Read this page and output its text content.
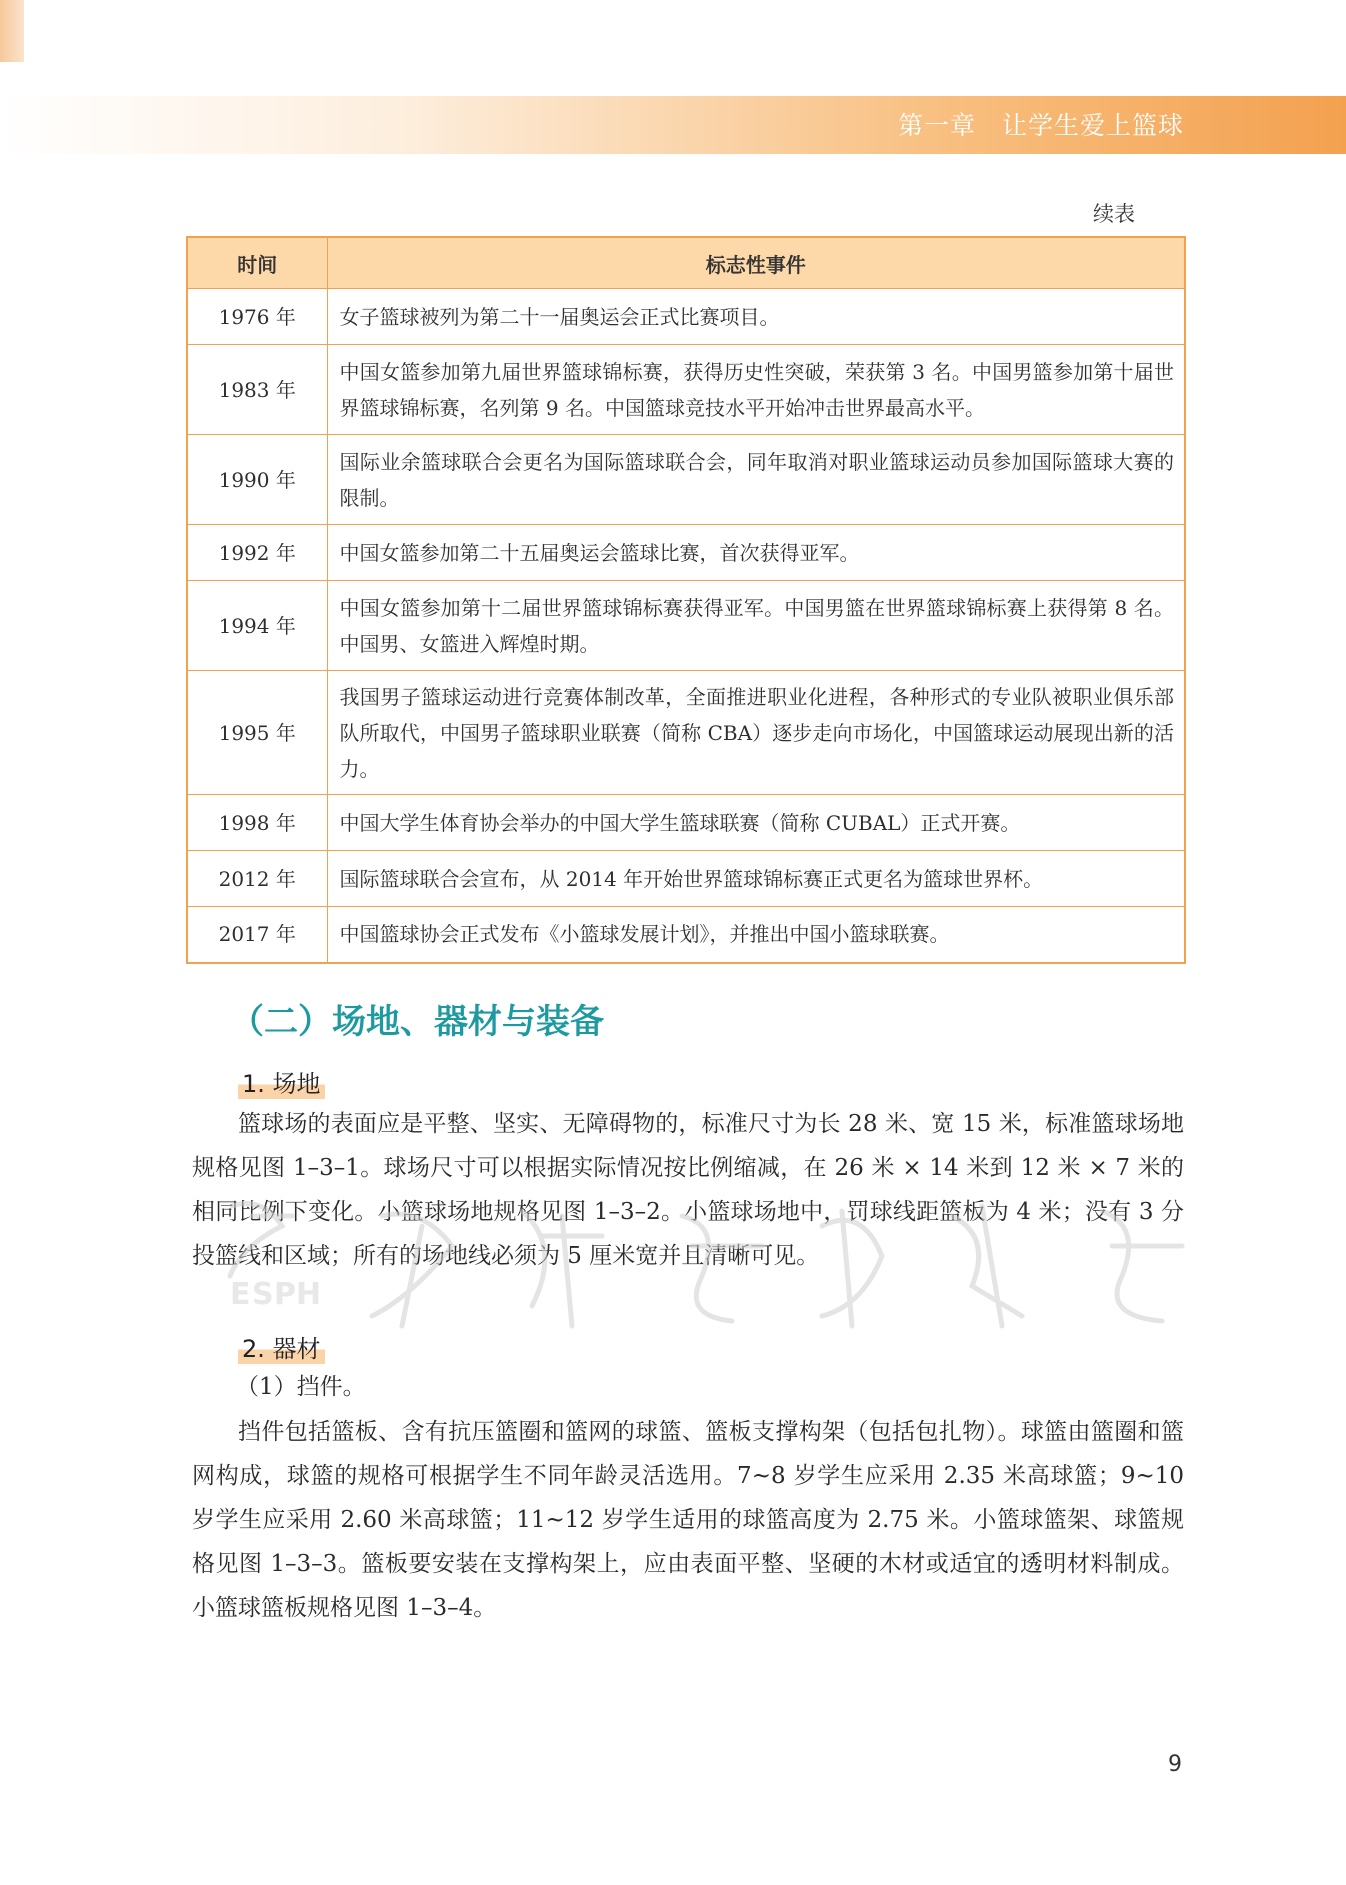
第一章　让学生爱上篮球
续表
时间	标志性事件
1976 年	女子篮球被列为第二十一届奥运会正式比赛项目。
1983 年	中国女篮参加第九届世界篮球锦标赛，获得历史性突破，荣获第 3 名。中国男篮参加第十届世界篮球锦标赛，名列第 9 名。中国篮球竞技水平开始冲击世界最高水平。
1990 年	国际业余篮球联合会更名为国际篮球联合会，同年取消对职业篮球运动员参加国际篮球大赛的限制。
1992 年	中国女篮参加第二十五届奥运会篮球比赛，首次获得亚军。
1994 年	中国女篮参加第十二届世界篮球锦标赛获得亚军。中国男篮在世界篮球锦标赛上获得第 8 名。中国男、女篮进入辉煌时期。
1995 年	我国男子篮球运动进行竞赛体制改革，全面推进职业化进程，各种形式的专业队被职业俱乐部队所取代，中国男子篮球职业联赛（简称 CBA）逐步走向市场化，中国篮球运动展现出新的活力。
1998 年	中国大学生体育协会举办的中国大学生篮球联赛（简称 CUBAL）正式开赛。
2012 年	国际篮球联合会宣布，从 2014 年开始世界篮球锦标赛正式更名为篮球世界杯。
2017 年	中国篮球协会正式发布《小篮球发展计划》，并推出中国小篮球联赛。
（二）场地、器材与装备
1. 场地

篮球场的表面应是平整、坚实、无障碍物的，标准尺寸为长 28 米、宽 15 米，标准篮球场地规格见图 1–3–1。球场尺寸可以根据实际情况按比例缩减，在 26 米 × 14 米到 12 米 × 7 米的相同比例下变化。小篮球场地规格见图 1–3–2。小篮球场地中，罚球线距篮板为 4 米；没有 3 分投篮线和区域；所有的场地线必须为 5 厘米宽并且清晰可见。

2. 器材
（1）挡件。

挡件包括篮板、含有抗压篮圈和篮网的球篮、篮板支撑构架（包括包扎物）。球篮由篮圈和篮网构成，球篮的规格可根据学生不同年龄灵活选用。7~8 岁学生应采用 2.35 米高球篮；9~10 岁学生应采用 2.60 米高球篮；11~12 岁学生适用的球篮高度为 2.75 米。小篮球篮架、球篮规格见图 1–3–3。篮板要安装在支撑构架上，应由表面平整、坚硬的木材或适宜的透明材料制成。小篮球篮板规格见图 1–3–4。

E S P H
9
